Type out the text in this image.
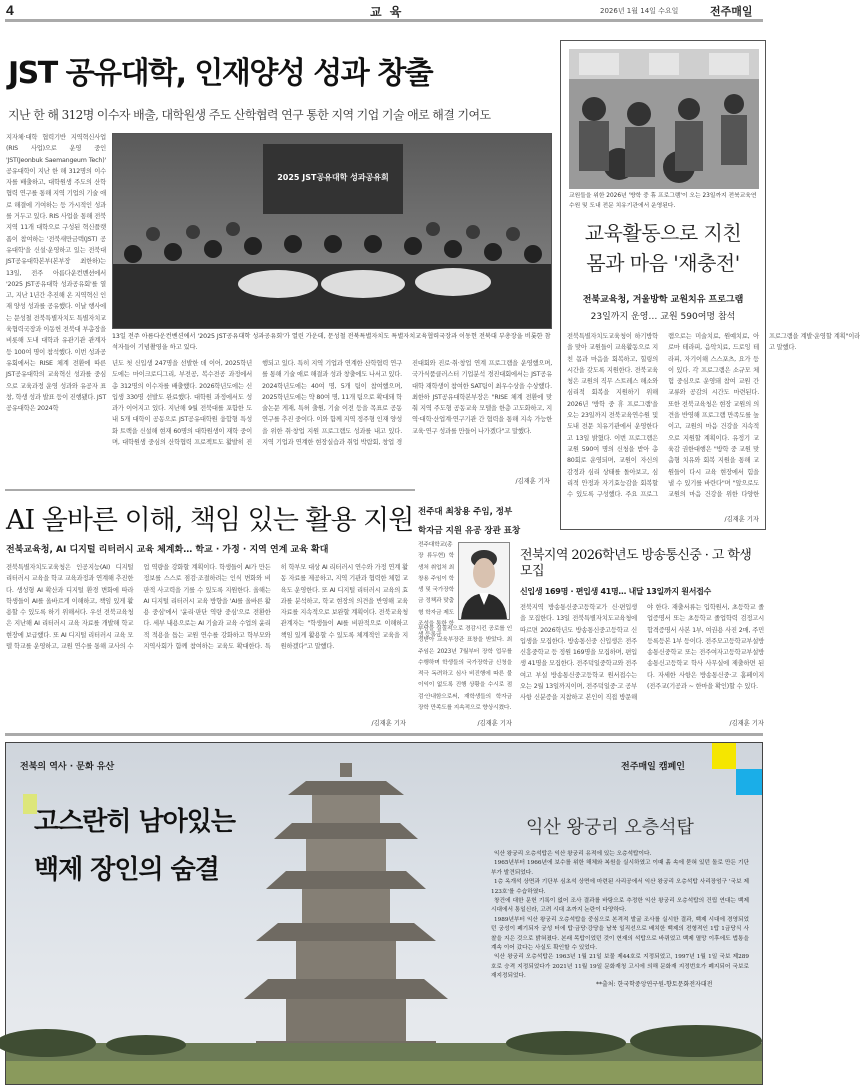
4	교 육	2026년 1월 14일 수요일	전주매일
JST 공유대학, 인재양성 성과 창출
지난 한 해 312명 이수자 배출, 대학원생 주도 산학협력 연구 통한 지역 기업 기술 애로 해결 기여도
지자체·대학 협력기반 지역혁신사업(RIS 사업)으로 운영 중인 'JST(Jeonbuk Saemangeum Tech)' 공유대학이 지난 한 해 312명의 이수자를 배출하고, 대학원생 주도의 산학협력 연구를 통해 지역 기업의 기술 애로 해결에 기여하는 등 가시적인 성과를 거두고 있다. RIS 사업을 통해 전북지역 11개 대학으로 구성된 혁신플랫폼이 참여하는 '전북새만금텍(JST) 공유대학'을 신설·운영하고 있는 전북대 JST공유대학본부(본부장 최한하)는 13일, 전주 아름다운컨벤션에서 '2025 JST공유대학 성과공유회'를 열고, 지난 1년간 추진해 온 지역혁신 인재 양성 성과를 공유했다. 이날 행사에는 문성철 전북특별자치도 특별자치교육협력국장과 이동헌 전북대 부총장을 비롯해 도내 대학과 유관기관 관계자 등 100여 명이 참석했다. 이번 성과공유회에서는 RISE 체계 전환에 따른 JST공유대학의 교육혁신 성과를 중심으로 교육과정 운영 성과와 유공자 표창, 학생 성과 발표 등이 진행됐다. JST공유대학은 2024학
2025 JST공유대학 성과공유회
13일 전주 아름다운컨벤션에서 '2025 JST공유대학 성과공유회'가 열린 가운데, 문성철 전북특별자치도 특별자치교육협력국장과 이동헌 전북대 부총장을 비롯한 참석자들이 기념촬영을 하고 있다.
년도 첫 신입생 247명을 선발한 데 이어, 2025학년도에는 마이크로디그리, 부전공, 복수전공 과정에서 총 312명의 이수자를 배출했다. 2026학년도에는 신입생 330명 선발도 완료했다. 대학원 과정에서도 성과가 이어지고 있다. 지난해 9월 전북대를 포함한 도내 5개 대학이 공동으로 JST공유대학원 융합형 특성화 트랙을 신설해 현재 60명의 대학원생이 재학 중이며, 대학원생 중심의 산학협력 프로젝트도 활발히 진행되고 있다. 특히 지역 기업과 연계한 산학협력 연구를 통해 기술 애로 해결과 성과 창출에도 나서고 있다. 2024학년도에는 40여 명, 5개 팀이 참여했으며, 2025학년도에는 약 80여 명, 11개 팀으로 확대돼 학술논문 게재, 특허 출원, 기술 이전 등을 목표로 공동연구를 추진 중이다. 이와 함께 지역 정주형 인재 양성을 위한 취·창업 지원 프로그램도 성과를 내고 있다. 지역 기업과 연계한 현장실습과 취업 박람회, 창업 경진대회와 진로·취·창업 연계 프로그램을 운영했으며, 국가식품클러스터 기업분석 경진대회에서는 JST공유대학 재학생이 참여한 SAT팀이 최우수상을 수상했다. 최한하 JST공유대학본부장은 "RISE 체계 전환에 맞춰 지역 주도형 공동교육 모델을 한층 고도화하고, 지역·대학·산업계·연구기관 간 협력을 통해 지속 가능한 교육·연구 성과를 만들어 나가겠다"고 말했다.
/김재훈 기자
교원들을 위한 2026년 '방학 중 휴 프로그램'이 오는 23일까지 전북교육연수원 및 도내 전문 치유기관에서 운영된다.
교육활동으로 지친
몸과 마음 '재충전'
전북교육청, 겨울방학 교원치유 프로그램
23일까지 운영… 교원 590여명 참석
전북특별자치도교육청이 하기방학을 맞아 교원들이 교육활동으로 지친 몸과 마음을 회복하고, 힐링의 시간을 갖도록 지원한다. 전북교육청은 교원의 직무 스트레스 해소와 심리적 회복을 지원하기 위해 2026년 '방학 중 휴 프로그램'을 오는 23일까지 전북교육연수원 및 도내 전문 치유기관에서 운영한다고 13일 밝혔다. 이번 프로그램은 교원 590여 명의 신청을 받아 총 80회로 운영되며, 교원이 자신의 감정과 심리 상태를 돌아보고, 심리적 안정과 자기효능감을 회복할 수 있도록 구성했다. 주요 프로그램으로는 미술치료, 원예치료, 아로마 테라피, 음악치료, 드로잉 테라피, 자기이해 스스포츠, 요가 등이 있다. 각 프로그램은 소규모 체험 중심으로 운영돼 참여 교원 간 교류와 공감의 시간도 마련된다. 또한 전북교육청은 현장 교원의 의견을 반영해 프로그램 만족도를 높이고, 교원의 마음 건강을 지속적으로 지원할 계획이다. 유정기 교육감 권한대행은 "방학 중 교원 맞춤형 치유와 회복 지원을 통해 교원들이 다시 교육 현장에서 힘을 낼 수 있기를 바란다"며 "앞으로도 교원의 마음 건강을 위한 다양한 프로그램을 계발·운영할 계획"이라고 말했다.
/김재훈 기자
AI 올바른 이해, 책임 있는 활용 지원
전북교육청, AI 디지털 리터러시 교육 체계화… 학교 · 가정 · 지역 연계 교육 확대
전북특별자치도교육청은 인공지능(AI) 디지털 리터러시 교육을 학교 교육과정과 연계해 추진한다. 생성형 AI 확산과 디지털 환경 변화에 따라 학생들이 AI를 올바르게 이해하고, 책임 있게 활용할 수 있도록 하기 위해서다. 우선 전북교육청은 지난해 AI 리터러시 교육 자료를 개발해 학교 현장에 보급했다. 또 AI 디지털 리터러시 교육 모델 학교를 운영하고, 교원 연수를 통해 교사의 수업 역량을 강화할 계획이다. 학생들이 AI가 만든 정보를 스스로 점검·조절하려는 인식 변화와 비판적 사고력을 기를 수 있도록 지원한다. 올해는 AI 디지털 리터러시 교육 방향을 'AI를 올바른 활용 중심'에서 '윤리·판단 역량 중심'으로 전환한다. 세부 내용으로는 AI 기술과 교육 수업의 윤리적 적용을 돕는 교원 연수를 강화하고 학부모와 지역사회가 함께 참여하는 교육도 확대한다. 특히 학부모 대상 AI 리터러시 연수와 가정 연계 활동 자료를 제공하고, 지역 기관과 협력한 체험 교육도 운영한다. 또 AI 디지털 리터러시 교육의 효과를 분석하고, 학교 현장의 의견을 반영해 교육 자료를 지속적으로 보완할 계획이다. 전북교육청 관계자는 "학생들이 AI를 비판적으로 이해하고 책임 있게 활용할 수 있도록 체계적인 교육을 지원하겠다"고 말했다.
/김재훈 기자
전주대 최창용 주임, 정부
학자금 지원 유공 장관 표창
전주대학교(총장 류두현) 학생처 취업처 최창용 주임이 학생 및 국가장학금 정책과 맞춤형 학자금 제도 조성을 통한 학생 등록금
부담을 실질적으로 경감시킨 공로를 인정받아 교육부장관 표창을 받았다. 최 주임은 2023년 7월부터 장학 업무를 수행하며 학생들의 국가장학금 신청을 적극 독려하고 심사 비진행에 따른 불이익이 없도록 진행 상황을 수시로 점검·안내함으로써, 재학생들의 학자금 장학 만족도를 지속적으로 향상시켰다.
/김재훈 기자
전북지역 2026학년도 방송통신중 · 고 학생 모집
신입생 169명 · 편입생 41명… 내달 13일까지 원서접수
전북지역 방송통신중고등학교가 신·편입생을 모집한다. 13일 전북특별자치도교육청에 따르면 2026학년도 방송통신중고등학교 신입생을 모집한다. 방송통신중 신입생은 전주 신흥중학교 등 정원 169명을 모집하며, 편입생 41명을 모집한다. 전주덕일중학교와 전주여고 부설 방송통신중고등학교 원서접수는 오는 2월 13일까지이며, 전주덕일중·고 공부사항 신분증을 지참하고 본인이 직접 방문해야 한다. 재출서류는 입학원서, 초등학교 졸업증명서 또는 초등학교 졸업학력 검정고시 합격증명서 사본 1부, 여권용 사진 2매, 주민등록등본 1부 등이다. 전주모고등학교부설방송통신중학교 또는 전주여자고등학교부설방송통신고등학교 학사 사무실에 제출하면 된다. 자세한 사항은 방송통신중·고 홈페이지(전주교(기공과 ~ 한마을 확인)할 수 있다.
/김재훈 기자
전북의 역사 · 문화 유산	전주매일 캠페인
고스란히 남아있는
백제 장인의 숨결
익산 왕궁리 오층석탑

익산 왕궁리 오층석탑은 익산 왕궁리 유적에 있는 오층석탑이다.

1965년부터 1966년에 보수를 위한 해체와 복원을 실시하였고 이때 흙 속에 묻혀 있던 돌로 만든 기단부가 발견되었다.

1층 옥개석 상면과 기단부 심초석 상면에 마련된 사리공에서 익산 왕궁리 오층석탑 사리장엄구 '국보 제123호'를 수습하였다.

창건에 대한 문헌 기록이 없어 조사 결과를 바탕으로 추정한 익산 왕궁리 오층석탑의 건립 연대는 백제 시대에서 통일신라, 고려 시대 초까지 논란이 다양하다.

1989년부터 익산 왕궁리 오층석탑을 중심으로 본격적 발굴 조사를 실시한 결과, 백제 시대에 경영되었던 궁성이 폐기되자 궁성 터에 탑·금당·강당을 남북 일직선으로 배치한 백제의 전형적인 1탑 1금당식 사찰을 지은 것으로 밝혀졌다. 본래 목탑이었던 것이 현재의 석탑으로 바뀌었고 백제 멸망 이후에도 법통을 계속 이어 갔다는 사실도 확인할 수 있었다.

익산 왕궁리 오층석탑은 1963년 1월 21일 보물 제44호로 지정되었고, 1997년 1월 1일 국보 제289호로 승격 지정되었다가 2021년 11월 19일 문화재청 고시에 의해 문화재 지정번호가 폐지되어 국보로 재지정되었다.

**출처: 한국학중앙연구원-향토문화전자대전
